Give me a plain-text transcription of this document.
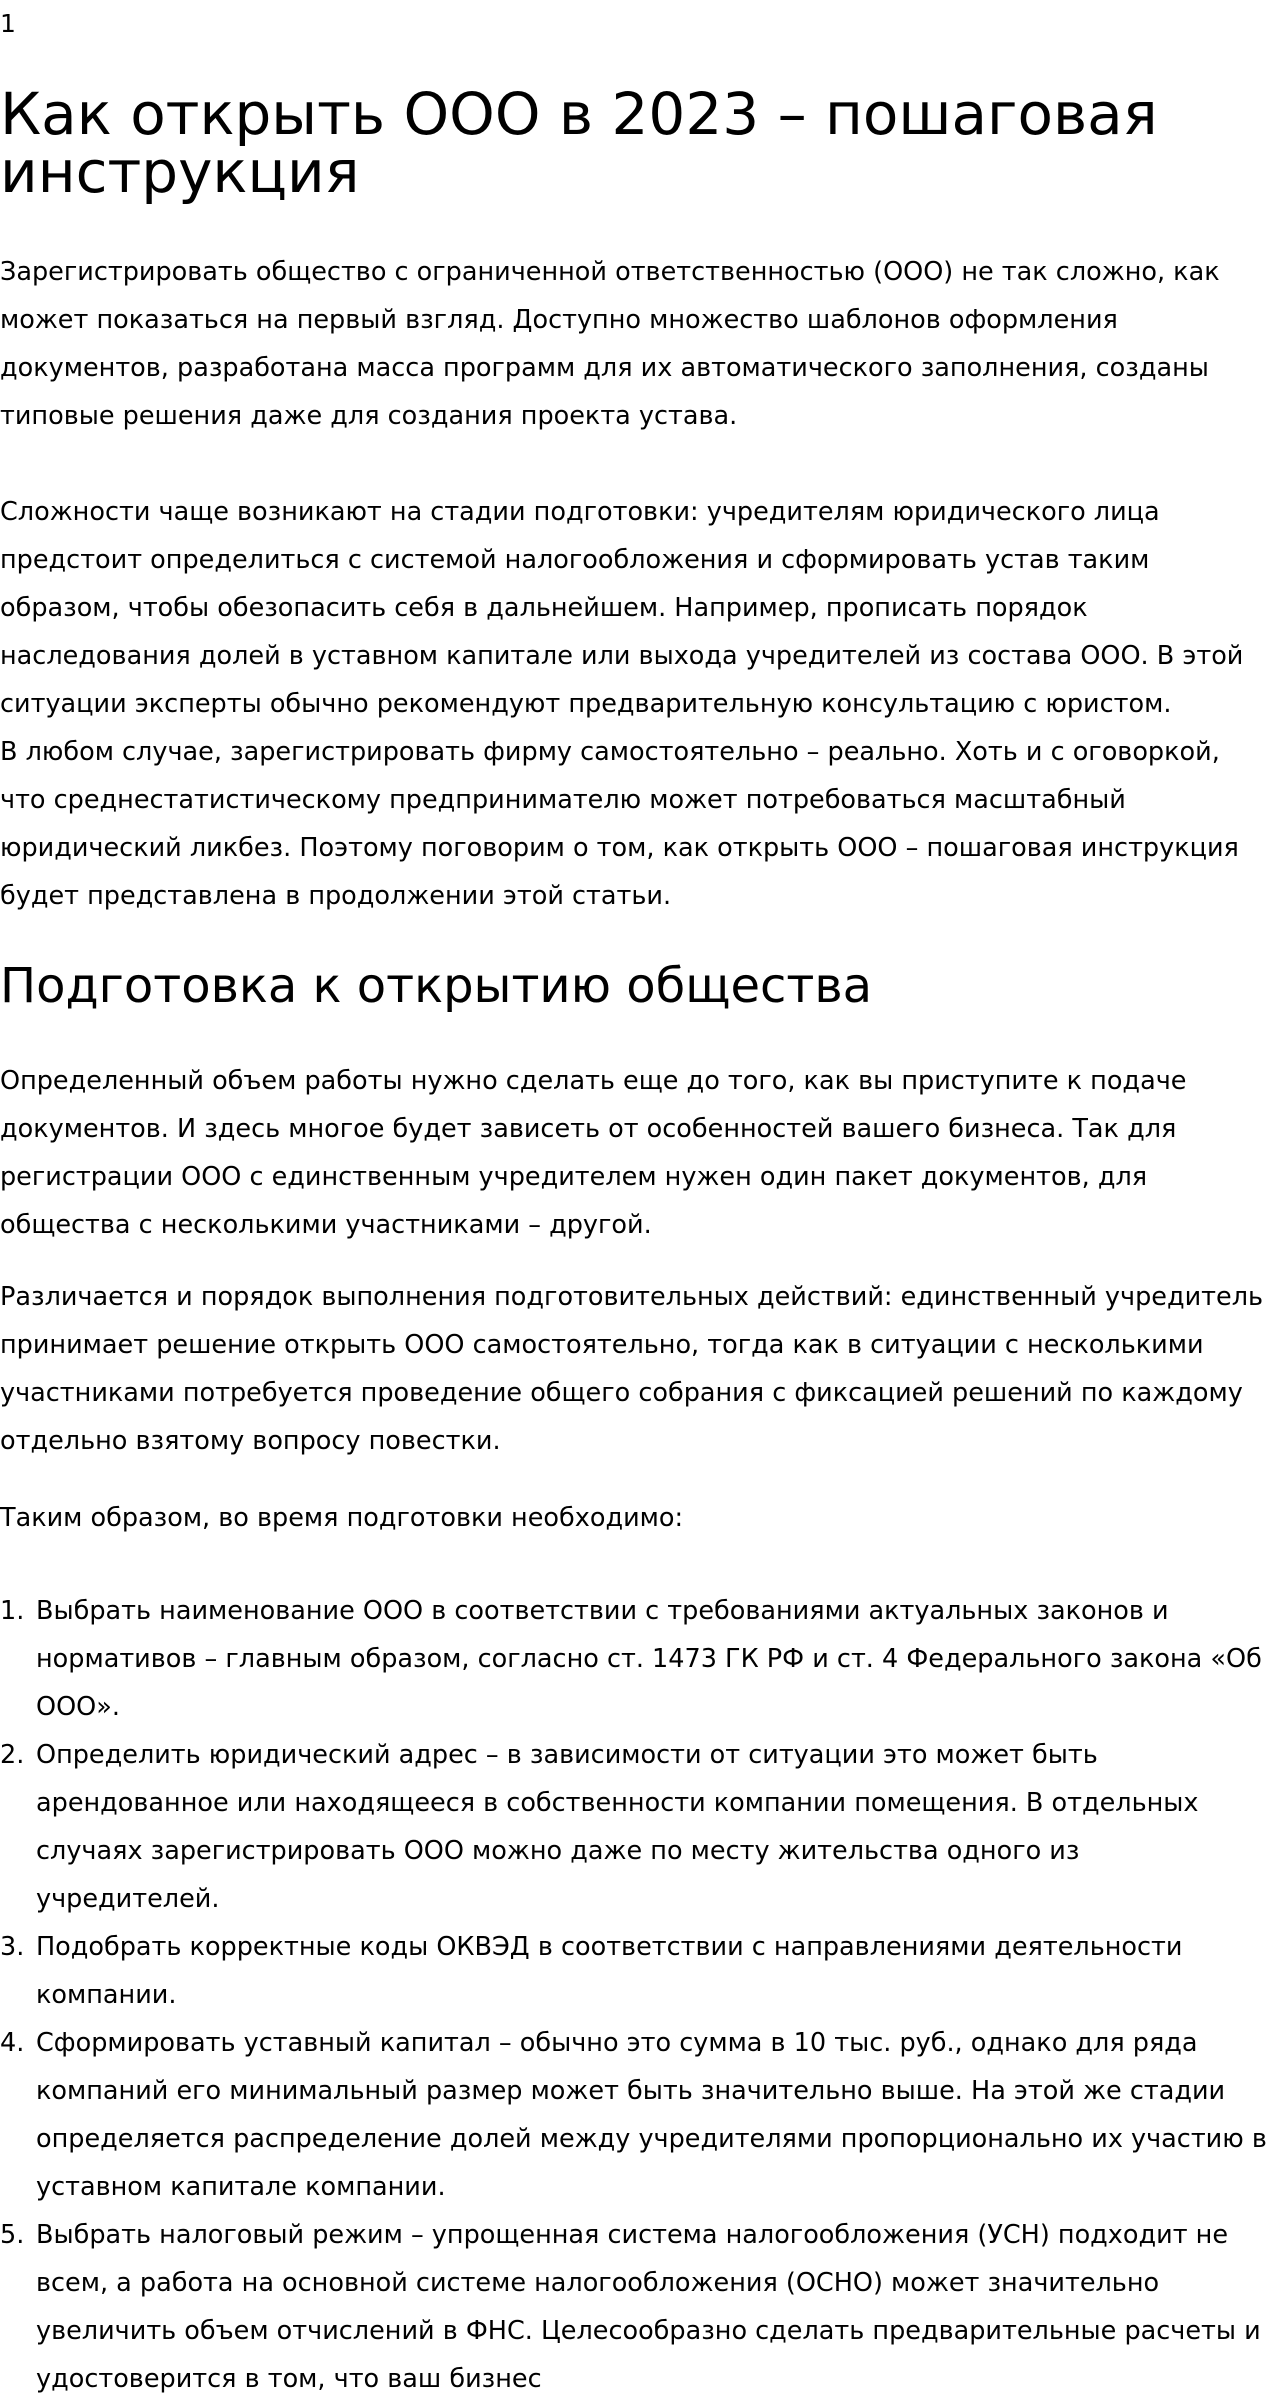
1
Как открыть ООО в 2023 – пошаговая инструкция

Зарегистрировать общество с ограниченной ответственностью (ООО) не так сложно, как может показаться на первый взгляд. Доступно множество шаблонов оформления документов, разработана масса программ для их автоматического заполнения, созданы типовые решения даже для создания проекта устава.

Сложности чаще возникают на стадии подготовки: учредителям юридического лица предстоит определиться с системой налогообложения и сформировать устав таким образом, чтобы обезопасить себя в дальнейшем. Например, прописать порядок наследования долей в уставном капитале или выхода учредителей из состава ООО. В этой ситуации эксперты обычно рекомендуют предварительную консультацию с юристом.

В любом случае, зарегистрировать фирму самостоятельно – реально. Хоть и с оговоркой, что среднестатистическому предпринимателю может потребоваться масштабный юридический ликбез. Поэтому поговорим о том, как открыть ООО – пошаговая инструкция будет представлена в продолжении этой статьи.

Подготовка к открытию общества

Определенный объем работы нужно сделать еще до того, как вы приступите к подаче документов. И здесь многое будет зависеть от особенностей вашего бизнеса. Так для регистрации ООО с единственным учредителем нужен один пакет документов, для общества с несколькими участниками – другой.

Различается и порядок выполнения подготовительных действий: единственный учредитель принимает решение открыть ООО самостоятельно, тогда как в ситуации с несколькими участниками потребуется проведение общего собрания с фиксацией решений по каждому отдельно взятому вопросу повестки.

Таким образом, во время подготовки необходимо:

1. Выбрать наименование ООО в соответствии с требованиями актуальных законов и нормативов – главным образом, согласно ст. 1473 ГК РФ и ст. 4 Федерального закона «Об ООО».
2. Определить юридический адрес – в зависимости от ситуации это может быть арендованное или находящееся в собственности компании помещения. В отдельных случаях зарегистрировать ООО можно даже по месту жительства одного из учредителей.
3. Подобрать корректные коды ОКВЭД в соответствии с направлениями деятельности компании.
4. Сформировать уставный капитал – обычно это сумма в 10 тыс. руб., однако для ряда компаний его минимальный размер может быть значительно выше. На этой же стадии определяется распределение долей между учредителями пропорционально их участию в уставном капитале компании.
5. Выбрать налоговый режим – упрощенная система налогообложения (УСН) подходит не всем, а работа на основной системе налогообложения (ОСНО) может значительно увеличить объем отчислений в ФНС. Целесообразно сделать предварительные расчеты и удостоверится в том, что ваш бизнес
